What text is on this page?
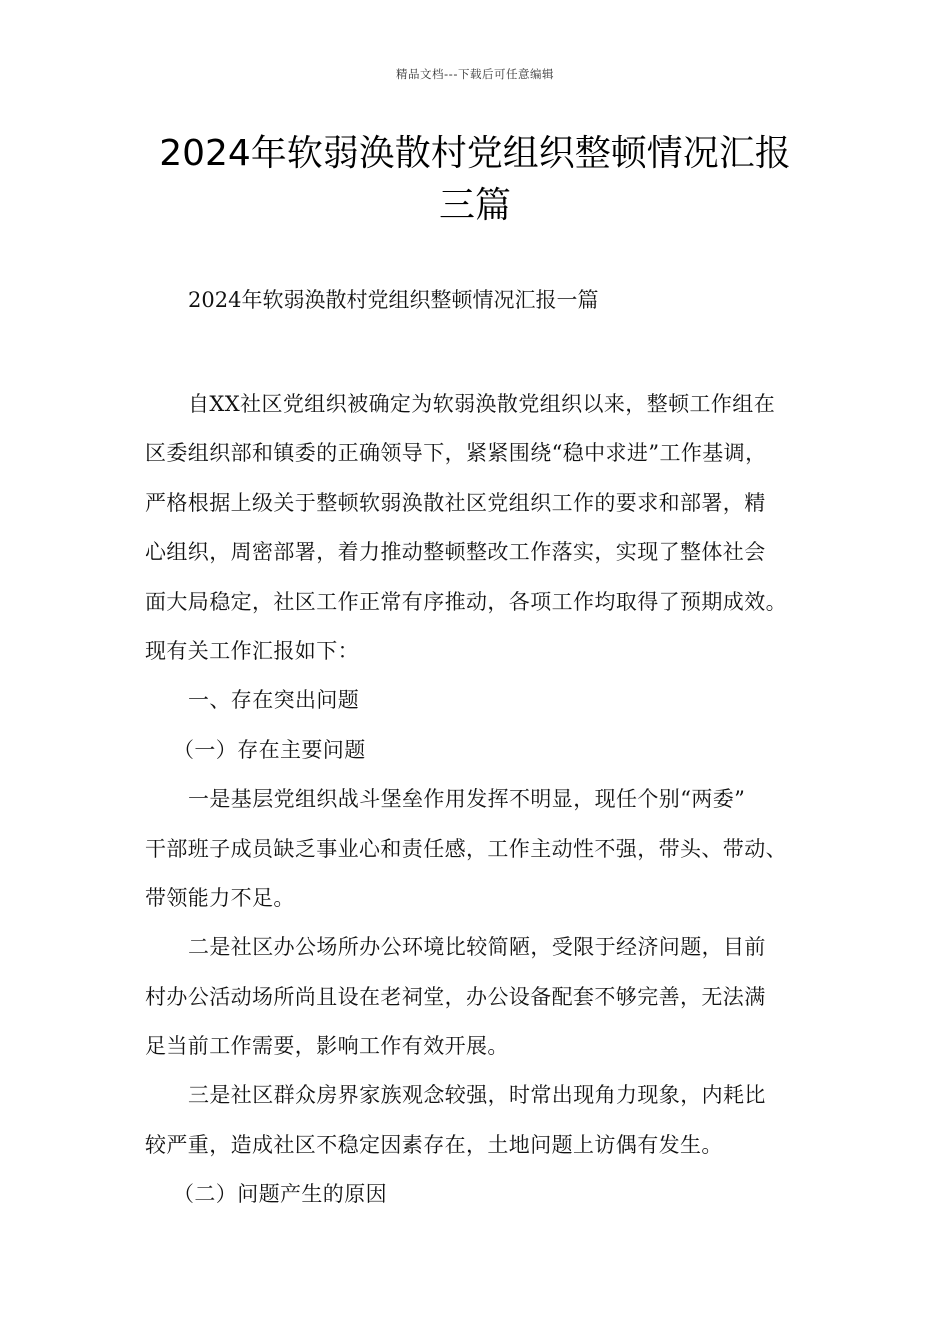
精品文档---下载后可任意编辑
2024年软弱涣散村党组织整顿情况汇报
三篇

2024年软弱涣散村党组织整顿情况汇报一篇

自XX社区党组织被确定为软弱涣散党组织以来，整顿工作组在
区委组织部和镇委的正确领导下，紧紧围绕“稳中求进”工作基调，
严格根据上级关于整顿软弱涣散社区党组织工作的要求和部署，精
心组织，周密部署，着力推动整顿整改工作落实，实现了整体社会
面大局稳定，社区工作正常有序推动，各项工作均取得了预期成效。
现有关工作汇报如下：
一、存在突出问题
（一）存在主要问题
一是基层党组织战斗堡垒作用发挥不明显，现任个别“两委”
干部班子成员缺乏事业心和责任感，工作主动性不强，带头、带动、
带领能力不足。
二是社区办公场所办公环境比较简陋，受限于经济问题，目前
村办公活动场所尚且设在老祠堂，办公设备配套不够完善，无法满
足当前工作需要，影响工作有效开展。
三是社区群众房界家族观念较强，时常出现角力现象，内耗比
较严重，造成社区不稳定因素存在，土地问题上访偶有发生。
（二）问题产生的原因
